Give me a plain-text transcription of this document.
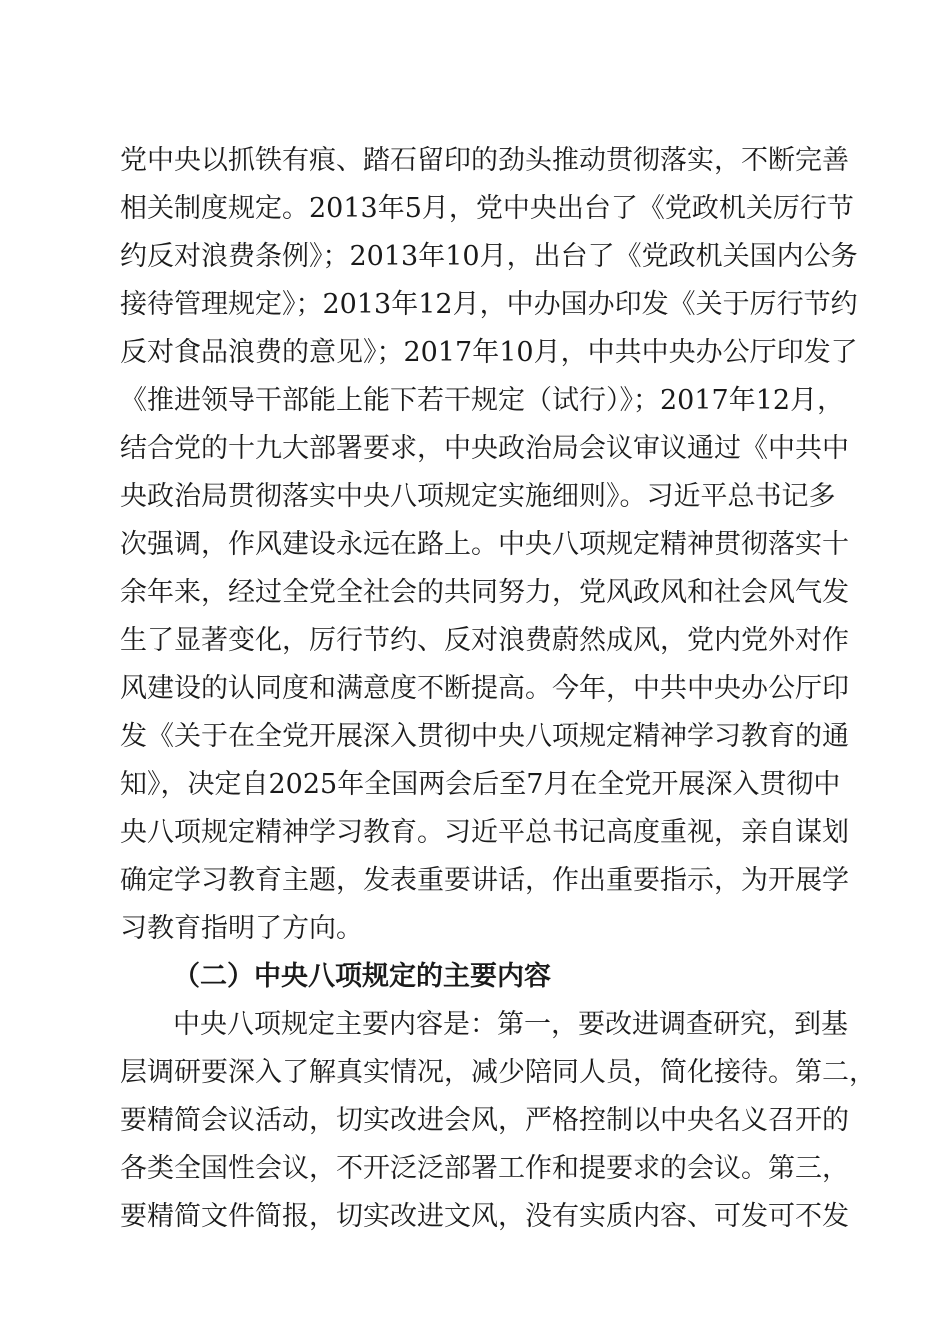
党中央以抓铁有痕、踏石留印的劲头推动贯彻落实，不断完善
相关制度规定。2013年5月，党中央出台了《党政机关厉行节
约反对浪费条例》；2013年10月，出台了《党政机关国内公务
接待管理规定》；2013年12月，中办国办印发《关于厉行节约
反对食品浪费的意见》；2017年10月，中共中央办公厅印发了
《推进领导干部能上能下若干规定（试行）》；2017年12月，
结合党的十九大部署要求，中央政治局会议审议通过《中共中
央政治局贯彻落实中央八项规定实施细则》。习近平总书记多
次强调，作风建设永远在路上。中央八项规定精神贯彻落实十
余年来，经过全党全社会的共同努力，党风政风和社会风气发
生了显著变化，厉行节约、反对浪费蔚然成风，党内党外对作
风建设的认同度和满意度不断提高。今年，中共中央办公厅印
发《关于在全党开展深入贯彻中央八项规定精神学习教育的通
知》，决定自2025年全国两会后至7月在全党开展深入贯彻中
央八项规定精神学习教育。习近平总书记高度重视，亲自谋划
确定学习教育主题，发表重要讲话，作出重要指示，为开展学
习教育指明了方向。
（二）中央八项规定的主要内容
中央八项规定主要内容是：第一，要改进调查研究，到基
层调研要深入了解真实情况，减少陪同人员，简化接待。第二，
要精简会议活动，切实改进会风，严格控制以中央名义召开的
各类全国性会议，不开泛泛部署工作和提要求的会议。第三，
要精简文件简报，切实改进文风，没有实质内容、可发可不发
